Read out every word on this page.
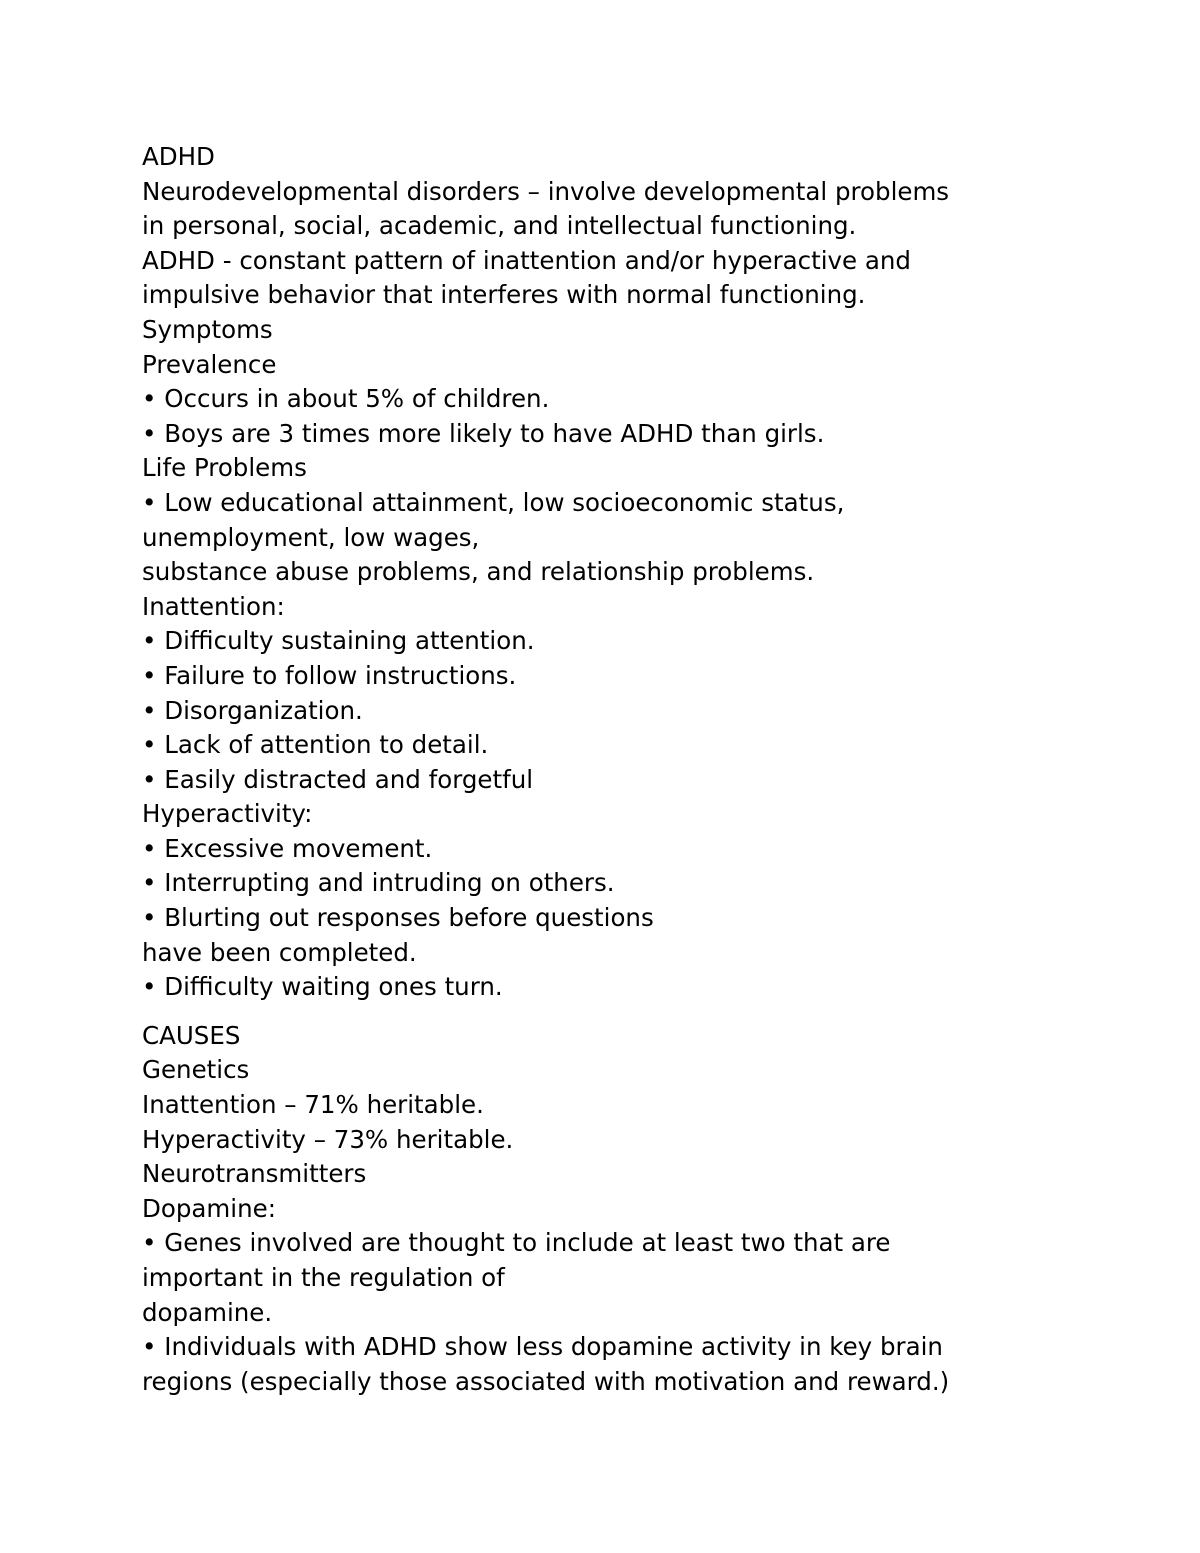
ADHD
Neurodevelopmental disorders – involve developmental problems
in personal, social, academic, and intellectual functioning.
ADHD - constant pattern of inattention and/or hyperactive and
impulsive behavior that interferes with normal functioning.
Symptoms
Prevalence
• Occurs in about 5% of children.
• Boys are 3 times more likely to have ADHD than girls.
Life Problems
• Low educational attainment, low socioeconomic status,
unemployment, low wages,
substance abuse problems, and relationship problems.
Inattention:
• Difficulty sustaining attention.
• Failure to follow instructions.
• Disorganization.
• Lack of attention to detail.
• Easily distracted and forgetful
Hyperactivity:
• Excessive movement.
• Interrupting and intruding on others.
• Blurting out responses before questions
have been completed.
• Difficulty waiting ones turn.
CAUSES
Genetics
Inattention – 71% heritable.
Hyperactivity – 73% heritable.
Neurotransmitters
Dopamine:
• Genes involved are thought to include at least two that are
important in the regulation of
dopamine.
• Individuals with ADHD show less dopamine activity in key brain
regions (especially those associated with motivation and reward.)
